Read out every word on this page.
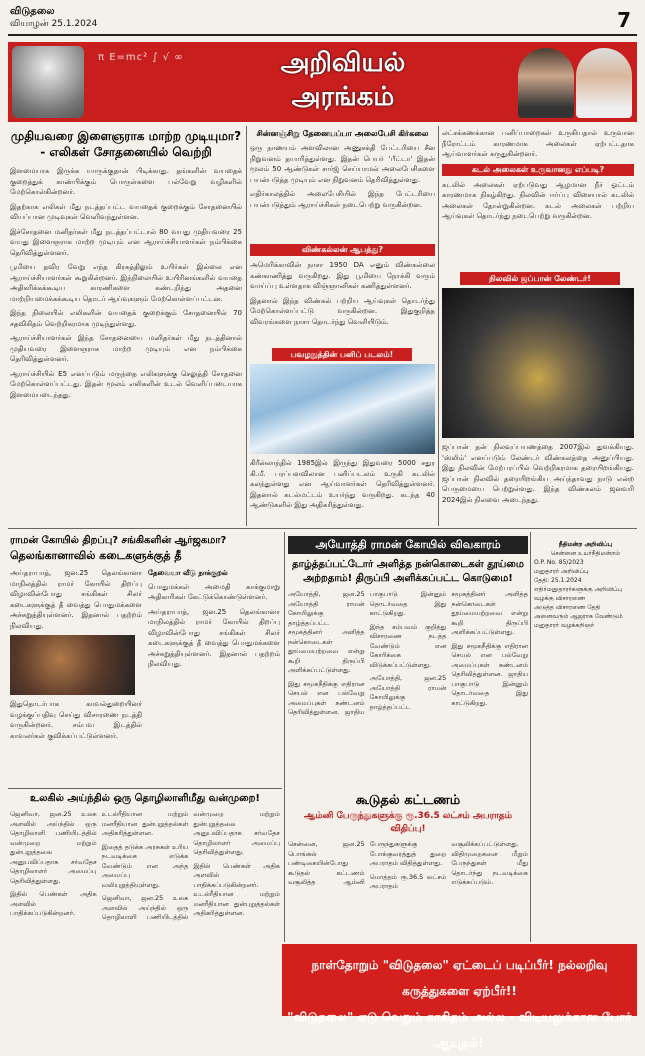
விடுதலை
வியாழன் 25.1.2024	7
π E=mc² ∫ √ ∞	அறிவியல் அரங்கம்
முதியவரை இளைஞராக மாற்ற முடியுமா? - எலிகள் சோதனையில் வெற்றி

இளமையாக இருக்க யாருக்குதான் பிடிக்காது. தங்களின் வயதைக் குறைத்துக் காண்பிக்கும் பொருள்களை பல்வேறு வழிகளில் மேற்கொள்கின்றனர்.

இதற்காக எலிகள் மீது நடத்தப்பட்ட வயதைக் குறைக்கும் சோதனையில் வியப்பான முடிவுகள் வெளிவந்துள்ளன.

இச்சோதனை மனிதர்கள் மீது நடத்தப்பட்டால் 80 வயது முதியவரை 25 வயது இளைஞராக மாற்ற முடியும் என ஆராய்ச்சியாளர்கள் நம்பிக்கை தெரிவித்துள்ளனர்.

பூமியை தவிர வேறு எந்த கிரகத்திலும் உயிர்கள் இல்லை என ஆராய்ச்சியாளர்கள் கூறுகின்றனர். இந்நிலையில் உயிரினங்களில் வயதை அதிகரிக்கக்கூடிய காரணிகளை கண்டறிந்து அதனை மாற்றியமைக்கக்கூடிய தொடர் ஆய்வுகளும் மேற்கொள்ளப்பட்டன.

இந்த நிலையில் எலிகளின் வயதைக் குறைக்கும் சோதனையில் 70 சதவிகிதம் வெற்றிகரமாக முடிந்துள்ளது.

ஆராய்ச்சியாளர்கள் இந்த சோதனையை மனிதர்கள் மீது நடத்தினால் முதியவரை இளைஞராக மாற்ற முடியும் என நம்பிக்கை தெரிவித்துள்ளனர்.

ஆராய்ச்சியில் E5 எனப்படும் மருந்தை எலிகளுக்கு செலுத்தி சோதனை மேற்கொள்ளப்பட்டது. இதன் மூலம் எலிகளின் உடல் வெளிப்படையாக இளமையடைந்தது.

சின்னஞ்சிறு தேனையப்பா அலைபேசி கிர்கலை

ஒரு நாணயம் அளவிலான அணுசக்தி பேட்டரியை சீன நிறுவனம் தயாரித்துள்ளது. இதன் பெயர் 'பீட்டா' இதன் மூலம் 50 ஆண்டுகள் சார்ஜ் செய்யாமல் அலைபேசிகளை பயன்படுத்த முடியும் என நிறுவனம் தெரிவித்துள்ளது.

எதிர்காலத்தில் அலைபேசியில் இந்த பேட்டரியை பயன்படுத்தும் ஆராய்ச்சிகள் நடைபெற்று வருகின்றன.

விண்கல்லன் ஆபத்து?

அமெரிக்காவின் நாசா 1950 DA எனும் விண்கல்லை கண்காணித்து வருகிறது. இது பூமியை நோக்கி வரும் வாய்ப்பு உள்ளதாக விஞ்ஞானிகள் கணித்துள்ளனர்.

இதனால் இந்த விண்கல் பற்றிய ஆய்வுகள் தொடர்ந்து மேற்கொள்ளப்பட்டு வருகின்றன. இதுகுறித்த விவரங்களை நாசா தொடர்ந்து வெளியிடும்.

பவழநுத்தின் பனிப் படலம்!

கிரீன்லாந்தில் 1985இல் இருந்து இதுவரை 5000 சதுர கி.மீ. பரப்பளவிலான பனிப்படலம் உருகி கடலில் கலந்துள்ளது என ஆய்வாளர்கள் தெரிவித்துள்ளனர். இதனால் கடல்மட்டம் உயர்ந்து வருகிறது. கடந்த 40 ஆண்டுகளில் இது அதிகரித்துள்ளது.

லட்சக்கணக்கான பனிப்பாறைகள் உருகியதால் உருவான நீரோட்டம் காரணமாக அலைகள் ஏற்பட்டதாக ஆய்வாளர்கள் கருதுகின்றனர்.

கடல் அலைகள் உருவானது எப்படி?

கடலில் அலைகள் ஏற்படுவது ஆழமான நீர் ஓட்டம் காரணமாக நிகழ்கிறது. நிலவின் ஈர்ப்பு விசையால் கடலில் அலைகள் தோன்றுகின்றன. கடல் அலைகள் பற்றிய ஆய்வுகள் தொடர்ந்து நடைபெற்று வருகின்றன.

நிலவில் ஜப்பான் லேண்டர்!

ஜப்பான் தன் நிலவுப்பயணத்தை 2007இல் துவக்கியது. 'ஸ்லிம்' எனப்படும் லேண்டர் விண்கலத்தை அனுப்பியது. இது நிலவின் மேற்பரப்பில் வெற்றிகரமாக தரையிறங்கியது. ஜப்பான் நிலவில் தரையிறங்கிய அய்ந்தாவது நாடு என்ற பெருமையை பெற்றுள்ளது. இந்த விண்கலம் ஜனவரி 2024இல் நிலவை அடைந்தது.

ராமன் கோயில் திறப்பு? சங்கிகளின் ஆர்ஜகமா?
தெலங்கானாவில் கடைகளுக்குத் தீ

அய்தராபாத், ஜன.25 தெலங்கானா மாநிலத்தில் ராமர் கோயில் திறப்பு விழாவின்போது சங்கிகள் சிலர் கடைகளுக்குத் தீ வைத்து பொதுமக்களை அச்சுறுத்தியுள்ளனர். இதனால் பதற்றம் நிலவியது.

இதுதொடர்பாக காவல்துறையினர் வழக்குப்பதிவு செய்து விசாரணை நடத்தி வருகின்றனர். சம்பவ இடத்தில் காவலர்கள் குவிக்கப்பட்டுள்ளனர்.

தேவையா வீடு நாக்குறல்

பொதுமக்கள் அமைதி காக்குமாறு அதிகாரிகள் கேட்டுக்கொண்டுள்ளனர்.

அய்தராபாத், ஜன.25 தெலங்கானா மாநிலத்தில் ராமர் கோயில் திறப்பு விழாவின்போது சங்கிகள் சிலர் கடைகளுக்குத் தீ வைத்து பொதுமக்களை அச்சுறுத்தியுள்ளனர். இதனால் பதற்றம் நிலவியது.

அயோத்தி ராமன் கோயில் விவகாரம்
தாழ்த்தப்பட்டோர் அளித்த நன்கொடைகள் தூய்மை அற்றதாம்! திருப்பி அளிக்கப்பட்ட கொடுமை!

அயோத்தி, ஜன.25 அயோத்தி ராமன் கோயிலுக்கு தாழ்த்தப்பட்ட சமூகத்தினர் அளித்த நன்கொடைகள் தூய்மையற்றவை என்று கூறி திருப்பி அளிக்கப்பட்டுள்ளது.

இது சமூகநீதிக்கு எதிரான செயல் என பல்வேறு அமைப்புகள் கண்டனம் தெரிவித்துள்ளன. ஜாதிய பாகுபாடு இன்னும் தொடர்வதை இது காட்டுகிறது.

இந்த சம்பவம் குறித்து விசாரணை நடத்த வேண்டும் என கோரிக்கை விடுக்கப்பட்டுள்ளது.

அயோத்தி, ஜன.25 அயோத்தி ராமன் கோயிலுக்கு தாழ்த்தப்பட்ட சமூகத்தினர் அளித்த நன்கொடைகள் தூய்மையற்றவை என்று கூறி திருப்பி அளிக்கப்பட்டுள்ளது.

இது சமூகநீதிக்கு எதிரான செயல் என பல்வேறு அமைப்புகள் கண்டனம் தெரிவித்துள்ளன. ஜாதிய பாகுபாடு இன்னும் தொடர்வதை இது காட்டுகிறது.

உலகில் அய்ந்தில் ஒரு தொழிலாளிமீது வன்முறை!

ஜெனிவா, ஜன.25 உலக அளவில் அய்ந்தில் ஒரு தொழிலாளி பணியிடத்தில் வன்முறை மற்றும் துன்புறுத்தலை அனுபவிப்பதாக சர்வதேச தொழிலாளர் அமைப்பு தெரிவித்துள்ளது.

இதில் பெண்கள் அதிக அளவில் பாதிக்கப்படுகின்றனர். உடல்ரீதியான மற்றும் மனரீதியான துன்புறுத்தல்கள் அதிகரித்துள்ளன.

இதைத் தடுக்க அரசுகள் உரிய நடவடிக்கை எடுக்க வேண்டும் என அந்த அமைப்பு வலியுறுத்தியுள்ளது.

ஜெனிவா, ஜன.25 உலக அளவில் அய்ந்தில் ஒரு தொழிலாளி பணியிடத்தில் வன்முறை மற்றும் துன்புறுத்தலை அனுபவிப்பதாக சர்வதேச தொழிலாளர் அமைப்பு தெரிவித்துள்ளது.

இதில் பெண்கள் அதிக அளவில் பாதிக்கப்படுகின்றனர். உடல்ரீதியான மற்றும் மனரீதியான துன்புறுத்தல்கள் அதிகரித்துள்ளன.

கூடுதல் கட்டணம்
ஆம்னி பேருந்துகளுக்கு ரூ.36.5 லட்சம் அபராதம் விதிப்பு!

சென்னை, ஜன.25 பொங்கல் பண்டிகையின்போது கூடுதல் கட்டணம் வசூலித்த ஆம்னி பேருந்துகளுக்கு போக்குவரத்துத் துறை அபராதம் விதித்துள்ளது.

மொத்தம் ரூ.36.5 லட்சம் அபராதம் வசூலிக்கப்பட்டுள்ளது. விதிமுறைகளை மீறும் பேருந்துகள் மீது தொடர்ந்து நடவடிக்கை எடுக்கப்படும்.

நீதிமன்ற அறிவிப்பு
சென்னை உயர்நீதிமன்றம்
O.P. No. 85/2023
மனுதாரர் அறிவிப்பு
தேதி: 25.1.2024
எதிர்மனுதாரர்களுக்கு அறிவிப்பு
வழக்கு விசாரணை
அடுத்த விசாரணை தேதி
அனைவரும் ஆஜராக வேண்டும்
மனுதாரர் வழக்கறிஞர்
நாள்தோறும் "விடுதலை" ஏட்டைப் படிப்பீர்! நல்லறிவு கருத்துகளை ஏற்பீர்!!
"விடுதலை" ஏடு வெறும் காகிதம் அல்ல - விடியலுக்கான போர் ஆயுதம்!
